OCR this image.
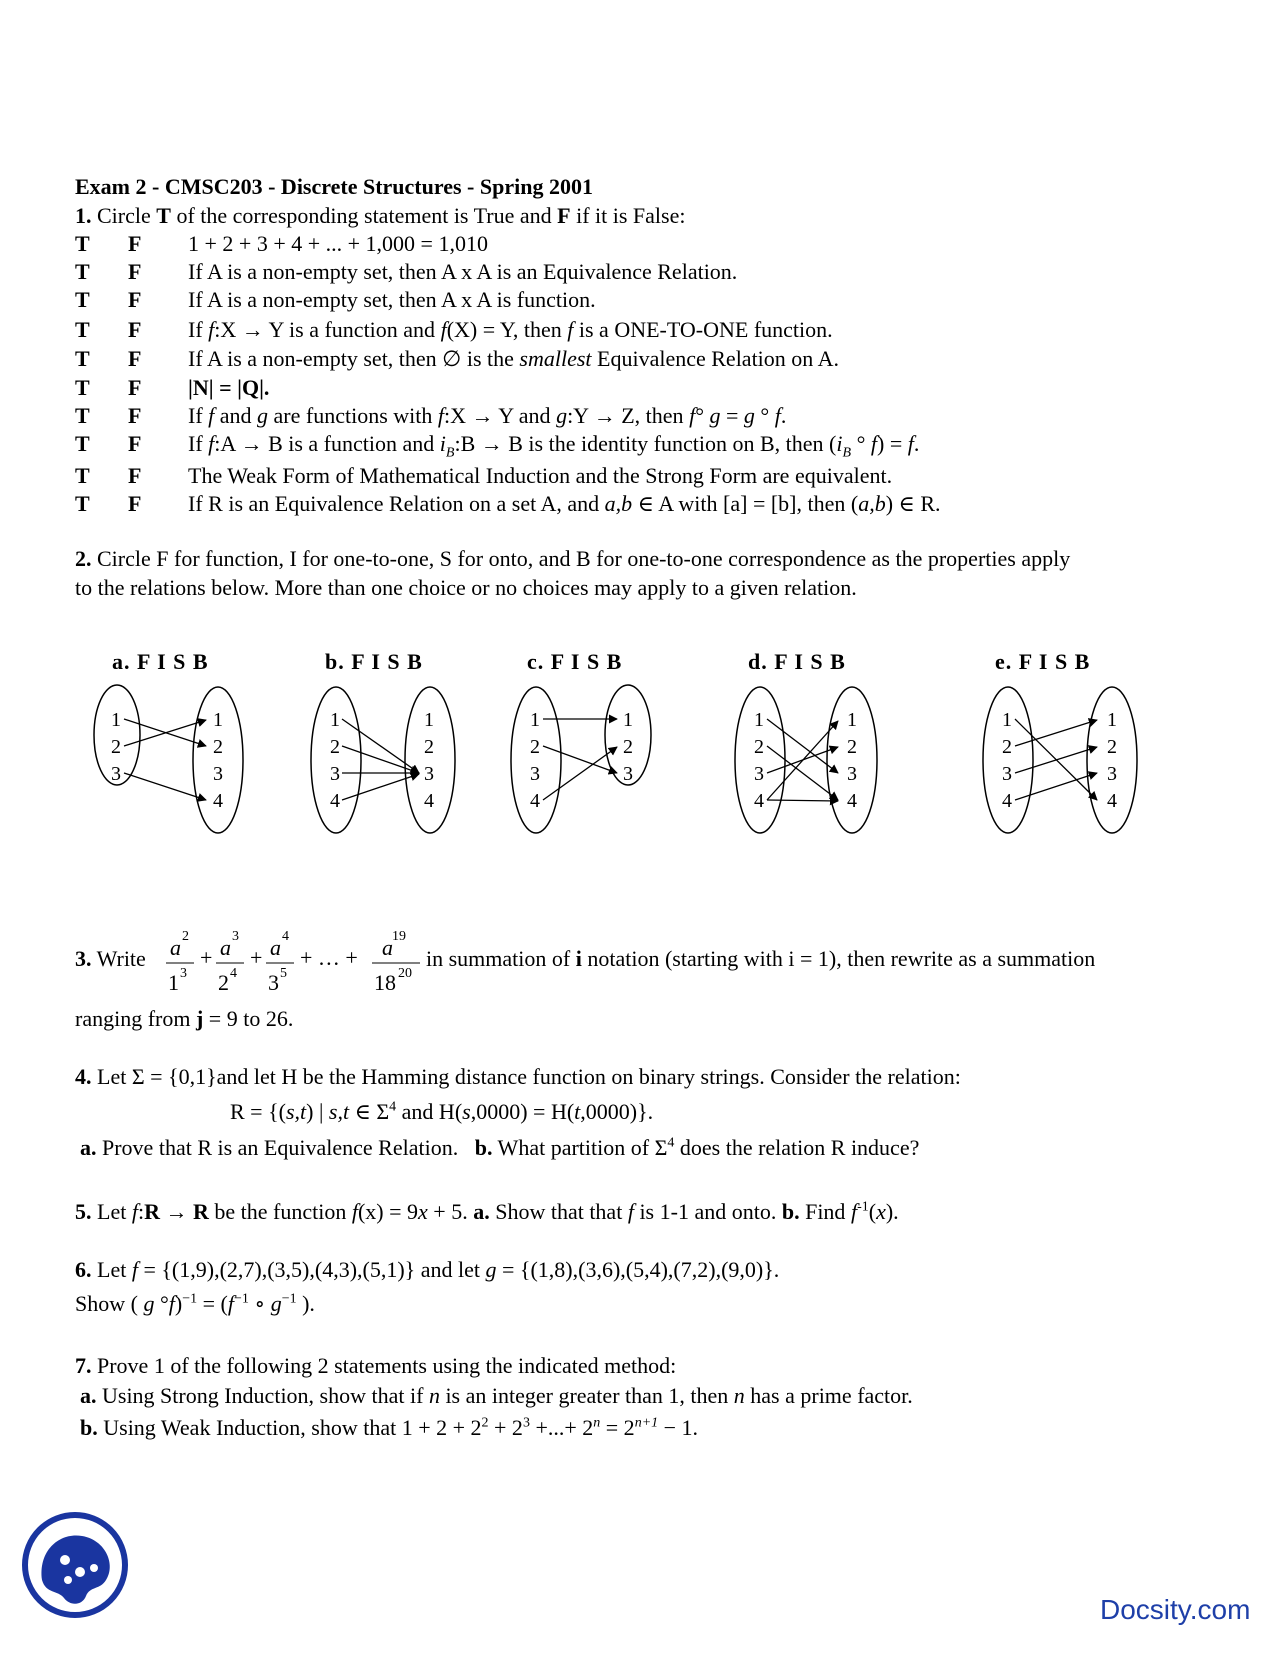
Exam 2 - CMSC203 - Discrete Structures - Spring 2001
1. Circle T of the corresponding statement is True and F if it is False:
T F 1 + 2 + 3 + 4 + ... + 1,000 = 1,010
T F If A is a non-empty set, then A x A is an Equivalence Relation.
T F If A is a non-empty set, then A x A is function.
T F If f:X → Y is a function and f(X) = Y, then f is a ONE-TO-ONE function.
T F If A is a non-empty set, then ∅ is the smallest Equivalence Relation on A.
T F |N| = |Q|.
T F If f and g are functions with f:X → Y and g:Y → Z, then f° g = g ° f.
T F If f:A → B is a function and $i_B:B \to B$ is the identity function on B, then ($i_B$ ° f) = f.
T F The Weak Form of Mathematical Induction and the Strong Form are equivalent.
T F If R is an Equivalence Relation on a set A, and a,b ∈ A with [a] = [b], then (a,b) ∈ R.
2. Circle F for function, I for one-to-one, S for onto, and B for one-to-one correspondence as the properties apply
to the relations below. More than one choice or no choices may apply to a given relation.
a. F I S B	b. F I S B	c. F I S B	d. F I S B	e. F I S B
1
2
3
1
2
3
4
1
2
3
4
1
2
3
4
1
2
3
4
1
2
3
1
2
3
4
1
2
3
4
1
2
3
4
1
2
3
4
3. Write a 2
1 3
+ a 3
2 4
+ a 4
3 5
+ … + a 19
18 20
in summation of i notation (starting with i = 1), then rewrite as a summation
ranging from j = 9 to 26.
4. Let Σ = {0,1}and let H be the Hamming distance function on binary strings. Consider the relation:
R = {(s,t) | s,t ∈ $\Sigma^4$ and H(s,0000) = H(t,0000)}.
a. Prove that R is an Equivalence Relation. b. What partition of $\Sigma^4$ does the relation R induce?
5. Let f:R → R be the function f(x) = 9x + 5. a. Show that that f is 1-1 and onto. b. Find $f^{-1}(x)$.
6. Let f = {(1,9),(2,7),(3,5),(4,3),(5,1)} and let g = {(1,8),(3,6),(5,4),(7,2),(9,0)}.
Show ( g $^\circ f)^{-1} = (f^{-1}$ ∘ $g^{-1}$ ).
7. Prove 1 of the following 2 statements using the indicated method:
a. Using Strong Induction, show that if n is an integer greater than 1, then n has a prime factor.
b. Using Weak Induction, show that $1 + 2 + 2^2 + 2^3$ +...+ $2^n = 2^{n+1} - 1$.
Docsity.com
